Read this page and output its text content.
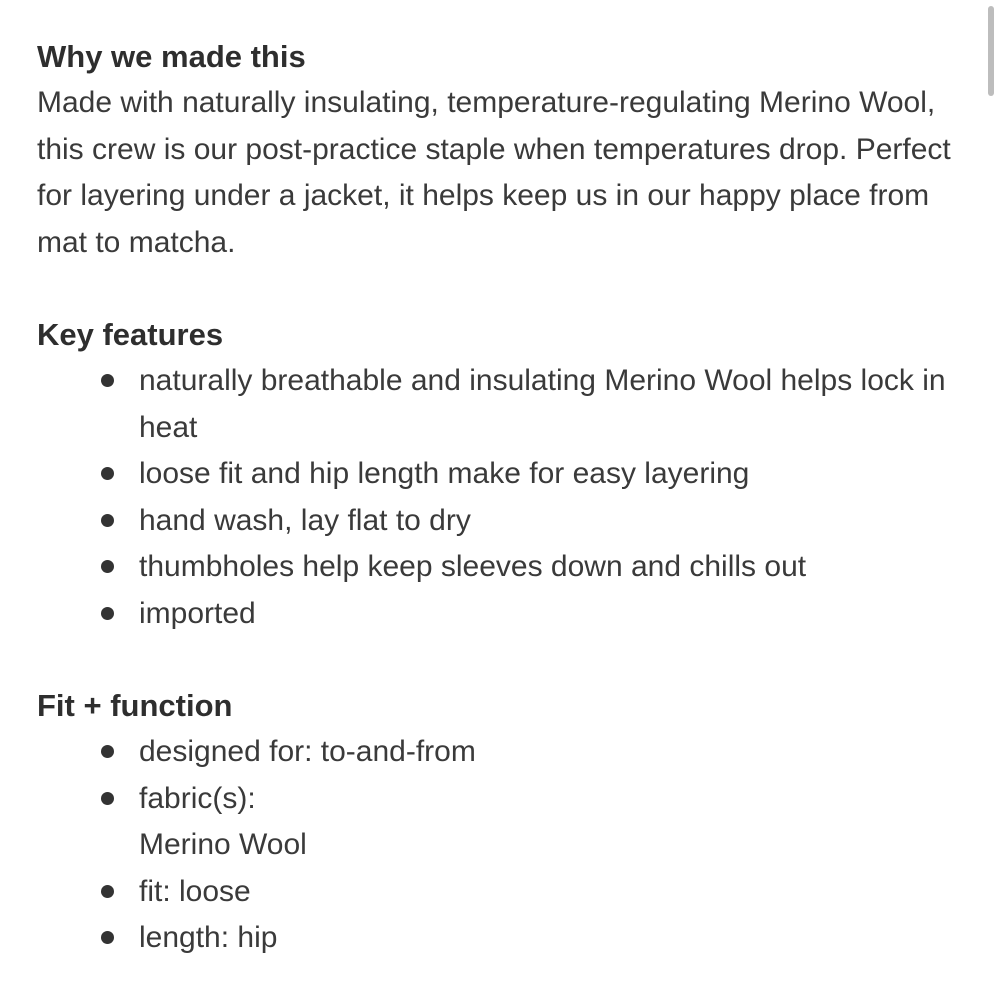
Why we made this

Made with naturally insulating, temperature-regulating Merino Wool, this crew is our post-practice staple when temperatures drop. Perfect for layering under a jacket, it helps keep us in our happy place from mat to matcha.

Key features
naturally breathable and insulating Merino Wool helps lock in heat
loose fit and hip length make for easy layering
hand wash, lay flat to dry
thumbholes help keep sleeves down and chills out
imported
Fit + function
designed for: to-and-from
fabric(s):
Merino Wool
fit: loose
length: hip
